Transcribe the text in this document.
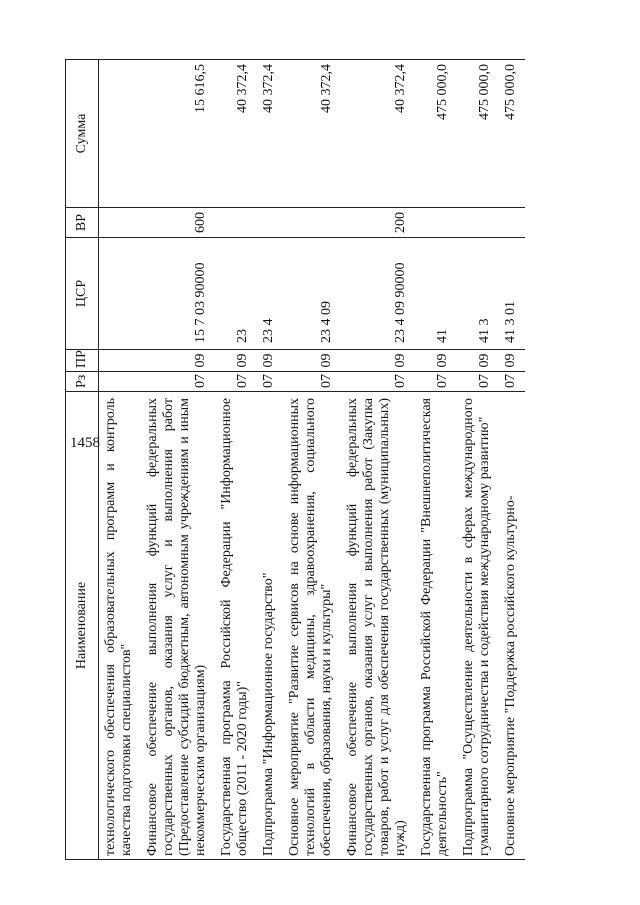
1458
Наименование	Рз	ПР	ЦСР	ВР	Сумма
технологического обеспечения образовательных программ и контроль качества подготовки специалистов"					
Финансовое обеспечение выполнения функций федеральных государственных органов, оказания услуг и выполнения работ (Предоставление субсидий бюджетным, автономным учреждениям и иным некоммерческим организациям)	07	09	15 7 03 90000	600	15 616,5
Государственная программа Российской Федерации "Информационное общество (2011 - 2020 годы)"	07	09	23		40 372,4
Подпрограмма "Информационное государство"	07	09	23 4		40 372,4
Основное мероприятие "Развитие сервисов на основе информационных технологий в области медицины, здравоохранения, социального обеспечения, образования, науки и культуры"	07	09	23 4 09		40 372,4
Финансовое обеспечение выполнения функций федеральных государственных органов, оказания услуг и выполнения работ (Закупка товаров, работ и услуг для обеспечения государственных (муниципальных) нужд)	07	09	23 4 09 90000	200	40 372,4
Государственная программа Российской Федерации "Внешнеполитическая деятельность"	07	09	41		475 000,0
Подпрограмма "Осуществление деятельности в сферах международного гуманитарного сотрудничества и содействия международному развитию"	07	09	41 3		475 000,0
Основное мероприятие "Поддержка российского культурно-	07	09	41 3 01		475 000,0
